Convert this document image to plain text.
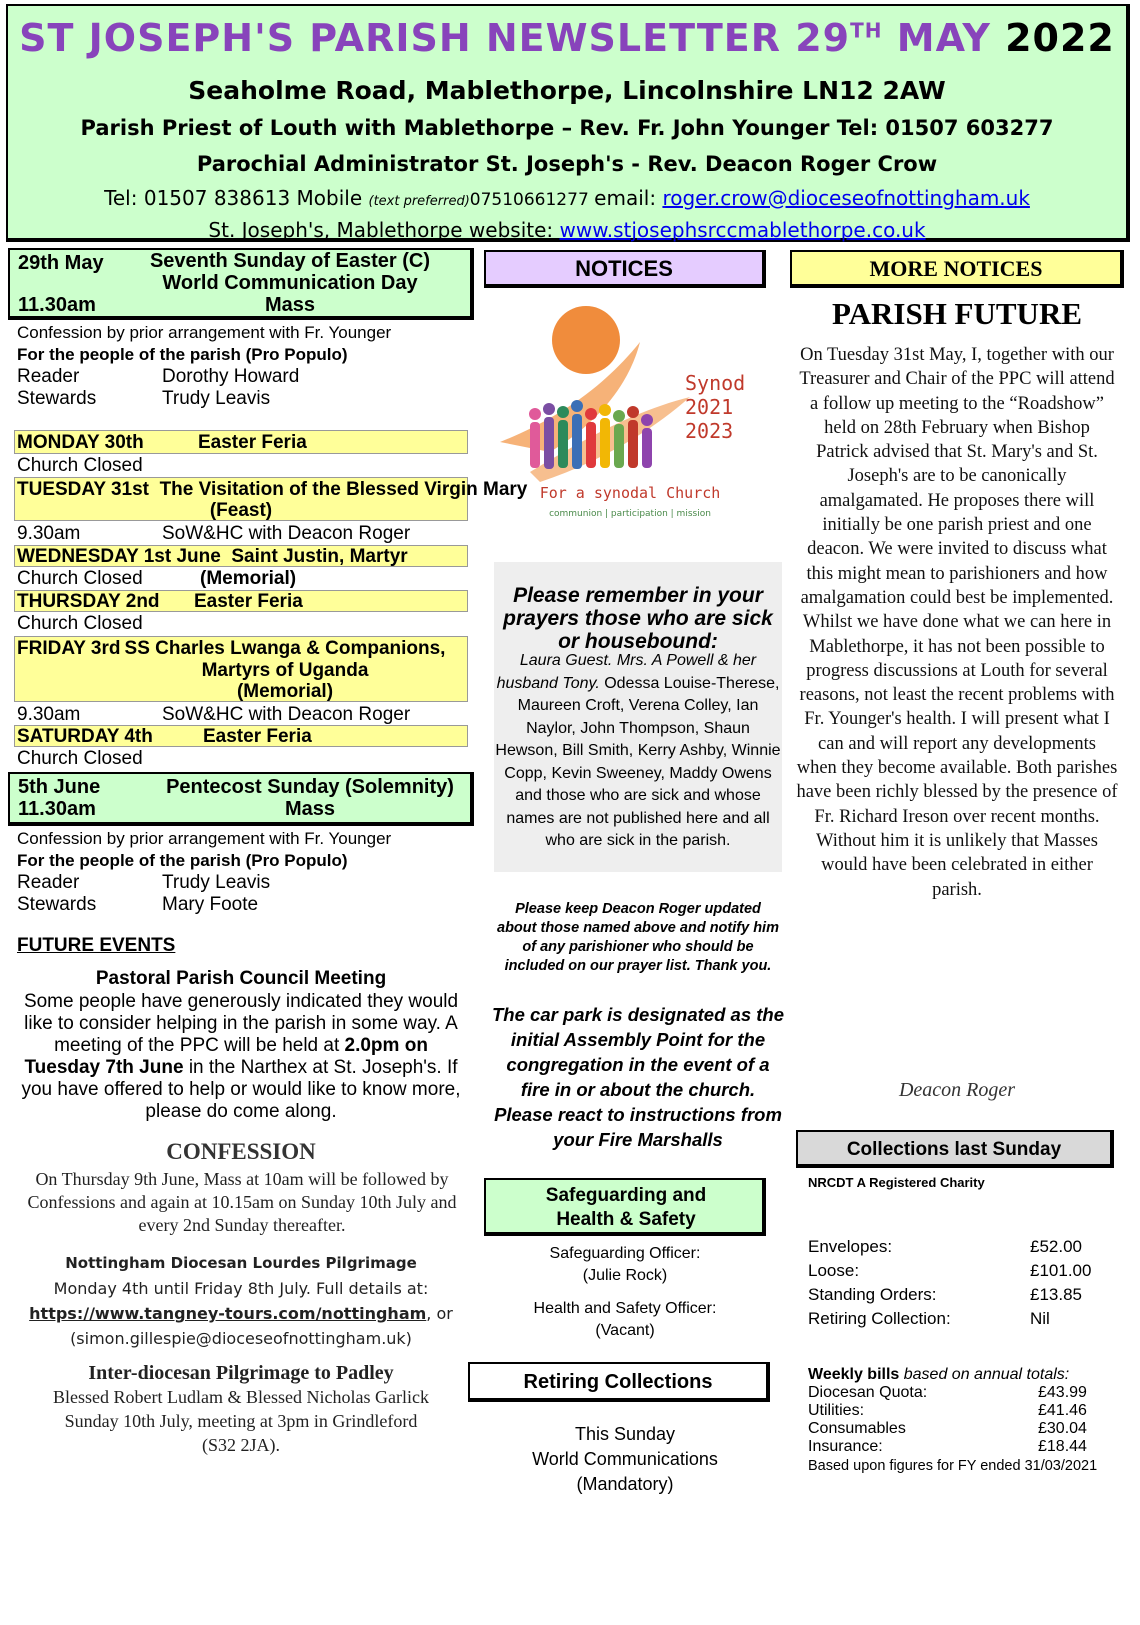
ST JOSEPH'S PARISH NEWSLETTER 29TH MAY 2022
Seaholme Road, Mablethorpe, Lincolnshire LN12 2AW
Parish Priest of Louth with Mablethorpe – Rev. Fr. John Younger Tel: 01507 603277
Parochial Administrator St. Joseph's - Rev. Deacon Roger Crow
Tel: 01507 838613 Mobile (text preferred)07510661277 email: roger.crow@dioceseofnottingham.uk
St. Joseph's, Mablethorpe website: www.stjosephsrccmablethorpe.co.uk
29th May	Seventh Sunday of Easter (C)
World Communication Day
11.30am	Mass
Confession by prior arrangement with Fr. Younger
For the people of the parish (Pro Populo)
Reader	Dorothy Howard
Stewards	Trudy Leavis
MONDAY 30th	Easter Feria
Church Closed
TUESDAY 31st The Visitation of the Blessed Virgin Mary
(Feast)
9.30am	SoW&HC with Deacon Roger
WEDNESDAY 1st June Saint Justin, Martyr
Church Closed	(Memorial)
THURSDAY 2nd Easter Feria
Church Closed
FRIDAY 3rd SS Charles Lwanga & Companions,
Martyrs of Uganda
(Memorial)
9.30am	SoW&HC with Deacon Roger
SATURDAY 4th	Easter Feria
Church Closed
5th June	Pentecost Sunday (Solemnity)
11.30am	Mass
Confession by prior arrangement with Fr. Younger
For the people of the parish (Pro Populo)
Reader	Trudy Leavis
Stewards	Mary Foote
FUTURE EVENTS
Pastoral Parish Council Meeting
Some people have generously indicated they would like to consider helping in the parish in some way. A meeting of the PPC will be held at 2.0pm on Tuesday 7th June in the Narthex at St. Joseph's. If you have offered to help or would like to know more, please do come along.
CONFESSION
On Thursday 9th June, Mass at 10am will be followed by Confessions and again at 10.15am on Sunday 10th July and every 2nd Sunday thereafter.
Nottingham Diocesan Lourdes Pilgrimage
Monday 4th until Friday 8th July. Full details at:
https://www.tangney-tours.com/nottingham, or
(simon.gillespie@dioceseofnottingham.uk)
Inter-diocesan Pilgrimage to Padley
Blessed Robert Ludlam & Blessed Nicholas Garlick
Sunday 10th July, meeting at 3pm in Grindleford
(S32 2JA).
NOTICES
Synod
2021
2023
For a synodal Church
communion | participation | mission
Please remember in your prayers those who are sick or housebound:
Laura Guest. Mrs. A Powell & her husband Tony. Odessa Louise-Therese, Maureen Croft, Verena Colley, Ian Naylor, John Thompson, Shaun Hewson, Bill Smith, Kerry Ashby, Winnie Copp, Kevin Sweeney, Maddy Owens and those who are sick and whose names are not published here and all who are sick in the parish.
Please keep Deacon Roger updated about those named above and notify him of any parishioner who should be included on our prayer list. Thank you.
The car park is designated as the initial Assembly Point for the congregation in the event of a fire in or about the church. Please react to instructions from your Fire Marshalls
Safeguarding and Health & Safety
Safeguarding Officer:
(Julie Rock)
Health and Safety Officer:
(Vacant)
Retiring Collections
This Sunday
World Communications
(Mandatory)
MORE NOTICES
PARISH FUTURE
On Tuesday 31st May, I, together with our Treasurer and Chair of the PPC will attend a follow up meeting to the “Roadshow” held on 28th February when Bishop Patrick advised that St. Mary's and St. Joseph's are to be canonically amalgamated. He proposes there will initially be one parish priest and one deacon. We were invited to discuss what this might mean to parishioners and how amalgamation could best be implemented. Whilst we have done what we can here in Mablethorpe, it has not been possible to progress discussions at Louth for several reasons, not least the recent problems with Fr. Younger's health. I will present what I can and will report any developments when they become available. Both parishes have been richly blessed by the presence of Fr. Richard Ireson over recent months. Without him it is unlikely that Masses would have been celebrated in either parish.
Deacon Roger
Collections last Sunday
NRCDT A Registered Charity
Envelopes:	£52.00
Loose:	£101.00
Standing Orders:	£13.85
Retiring Collection:	Nil
Weekly bills based on annual totals:
Diocesan Quota:	£43.99
Utilities:	£41.46
Consumables	£30.04
Insurance:	£18.44
Based upon figures for FY ended 31/03/2021
